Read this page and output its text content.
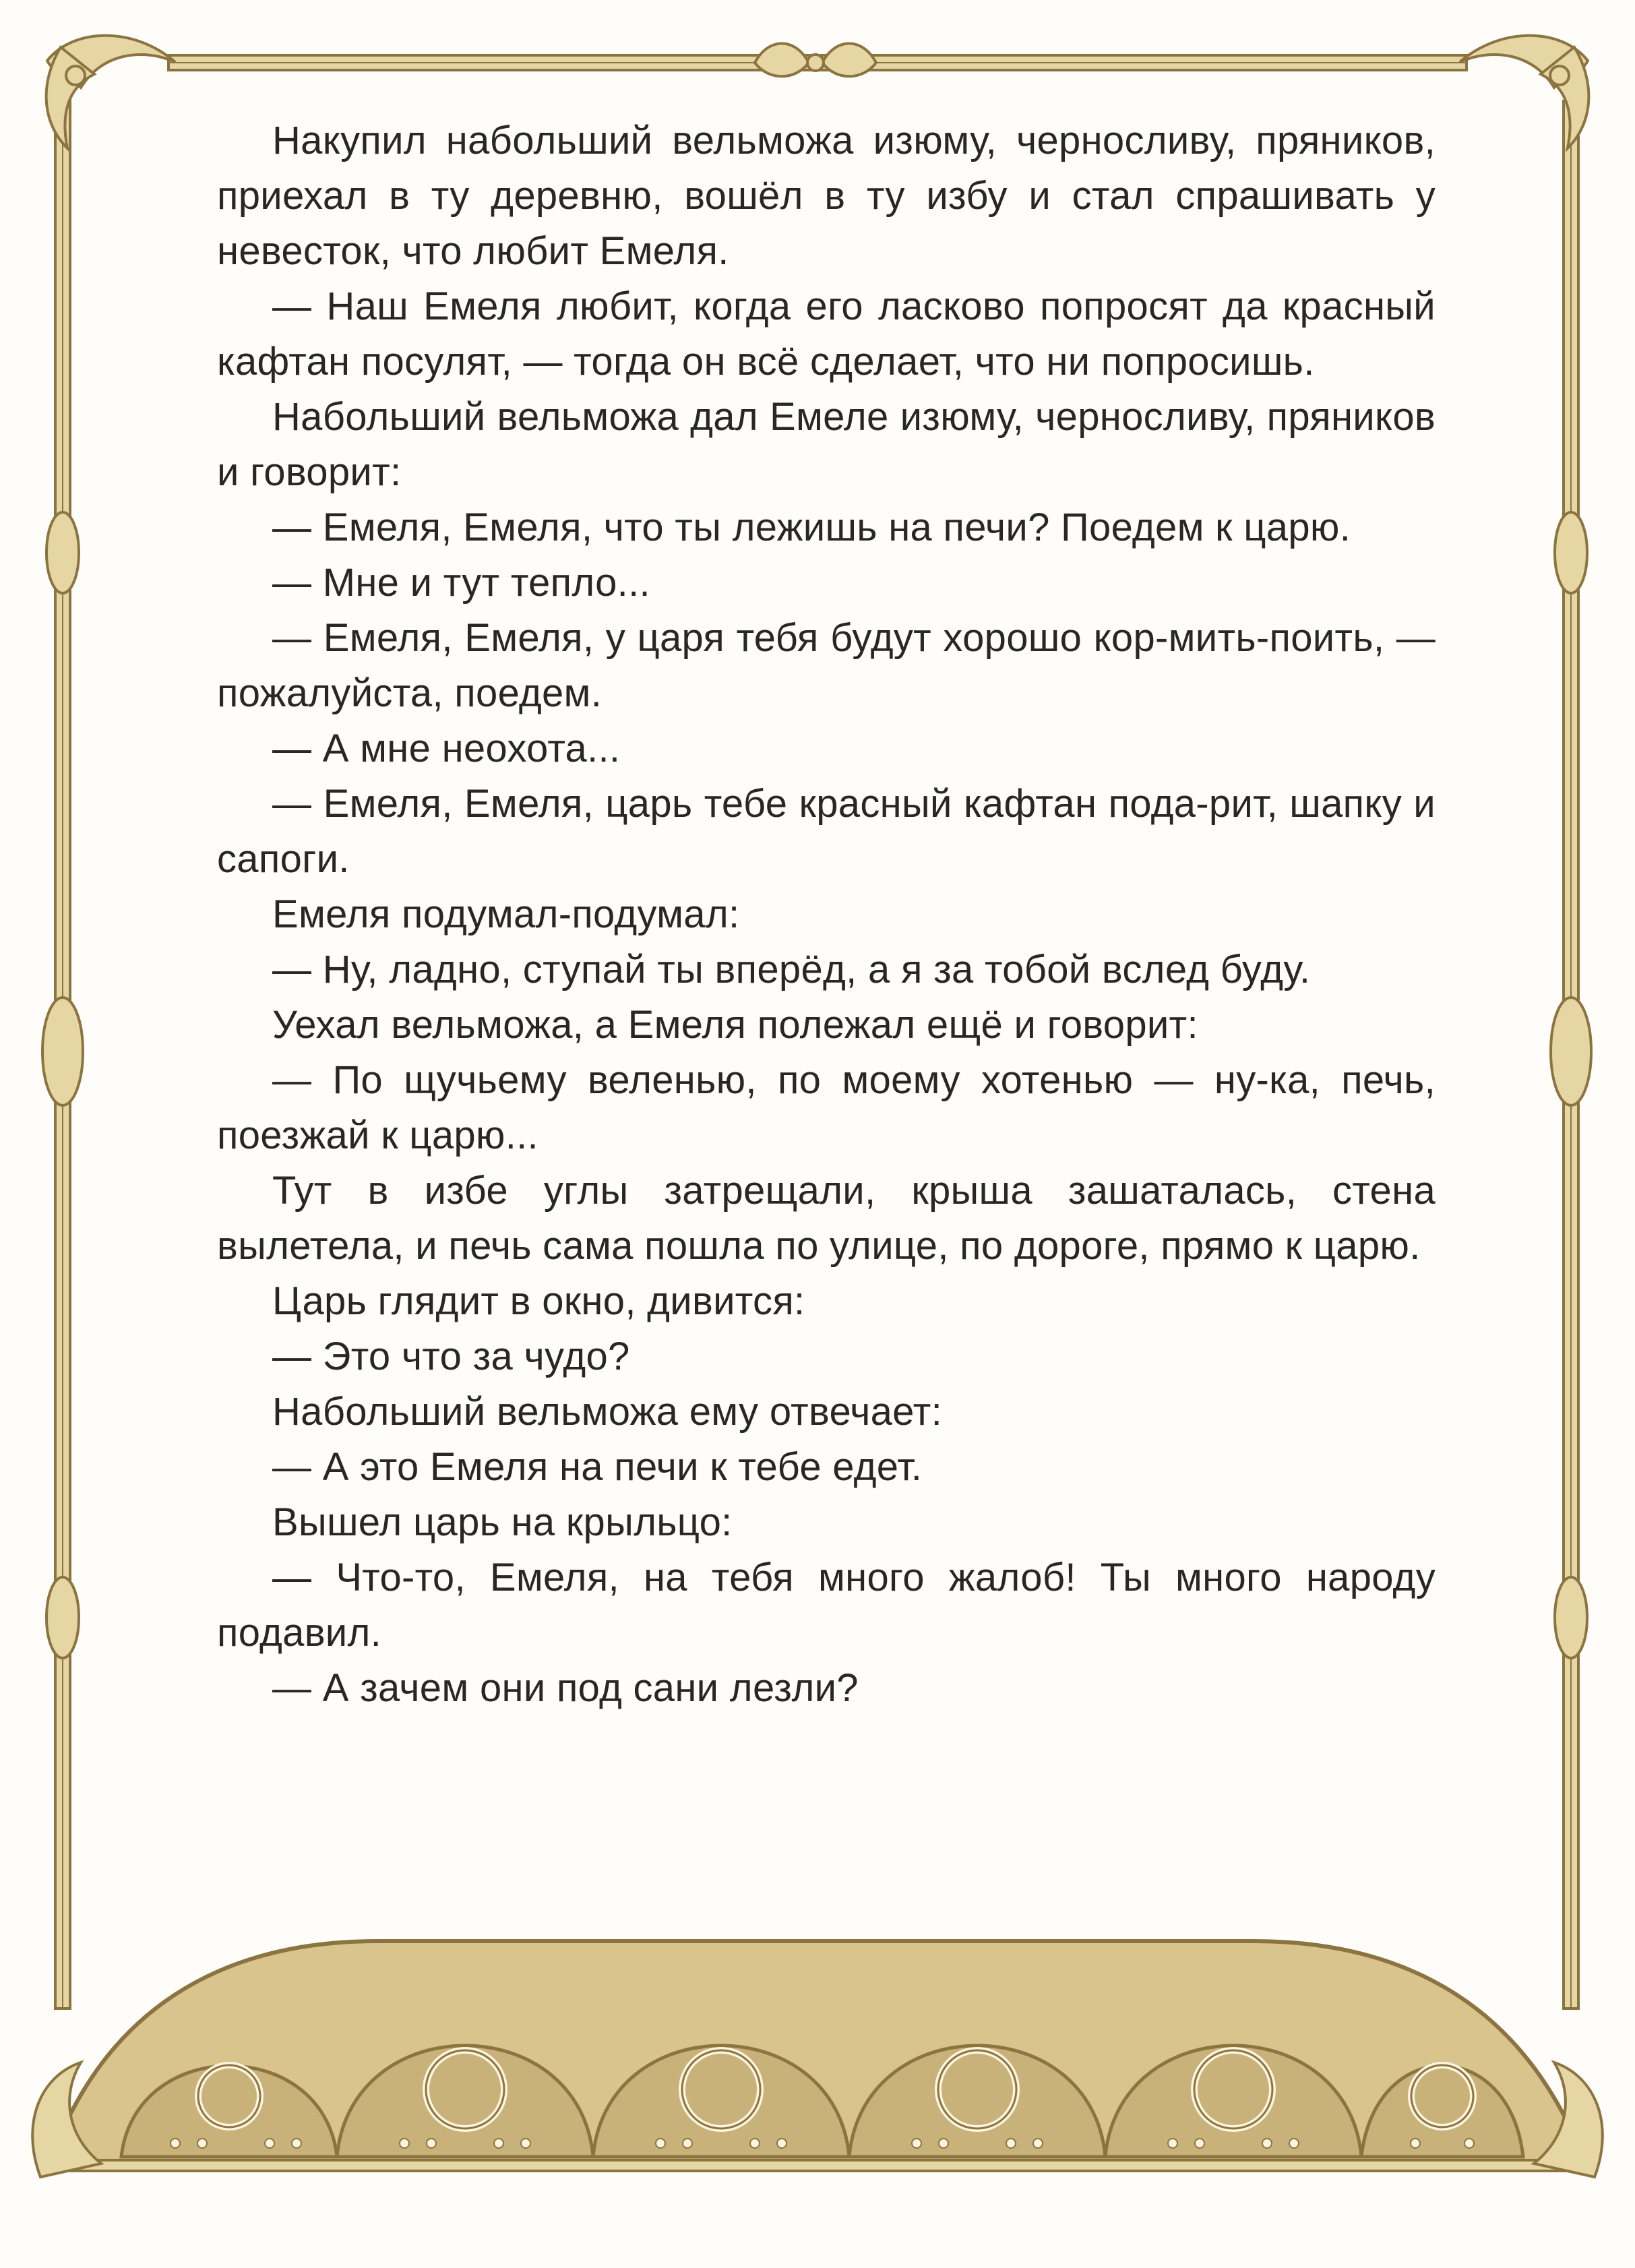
Накупил набольший вельможа изюму, черносливу, пряников, приехал в ту деревню, вошёл в ту избу и стал спрашивать у невесток, что любит Емеля.

— Наш Емеля любит, когда его ласково попросят да красный кафтан посулят, — тогда он всё сделает, что ни попросишь.

Набольший вельможа дал Емеле изюму, черносливу, пряников и говорит:

— Емеля, Емеля, что ты лежишь на печи? Поедем к царю.

— Мне и тут тепло...

— Емеля, Емеля, у царя тебя будут хорошо кор-мить-поить, — пожалуйста, поедем.

— А мне неохота...

— Емеля, Емеля, царь тебе красный кафтан пода-рит, шапку и сапоги.

Емеля подумал-подумал:

— Ну, ладно, ступай ты вперёд, а я за тобой вслед буду.

Уехал вельможа, а Емеля полежал ещё и говорит:

— По щучьему веленью, по моему хотенью — ну-ка, печь, поезжай к царю...

Тут в избе углы затрещали, крыша зашаталась, стена вылетела, и печь сама пошла по улице, по дороге, прямо к царю.

Царь глядит в окно, дивится:

— Это что за чудо?

Набольший вельможа ему отвечает:

— А это Емеля на печи к тебе едет.

Вышел царь на крыльцо:

— Что-то, Емеля, на тебя много жалоб! Ты много народу подавил.

— А зачем они под сани лезли?
